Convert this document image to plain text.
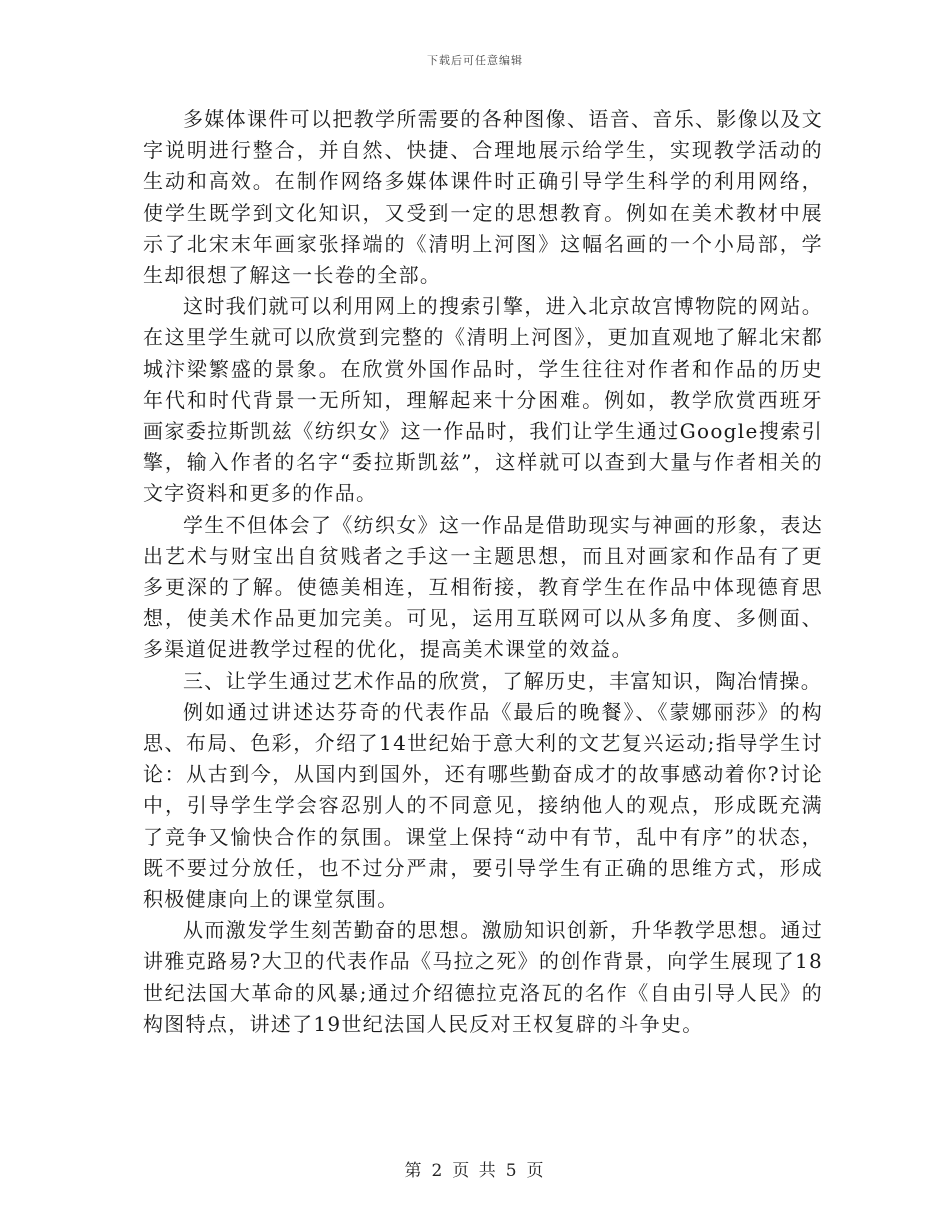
下载后可任意编辑

多媒体课件可以把教学所需要的各种图像、语音、音乐、影像以及文字说明进行整合，并自然、快捷、合理地展示给学生，实现教学活动的生动和高效。在制作网络多媒体课件时正确引导学生科学的利用网络，使学生既学到文化知识，又受到一定的思想教育。例如在美术教材中展示了北宋末年画家张择端的《清明上河图》这幅名画的一个小局部，学生却很想了解这一长卷的全部。

这时我们就可以利用网上的搜索引擎，进入北京故宫博物院的网站。在这里学生就可以欣赏到完整的《清明上河图》，更加直观地了解北宋都城汴梁繁盛的景象。在欣赏外国作品时，学生往往对作者和作品的历史年代和时代背景一无所知，理解起来十分困难。例如，教学欣赏西班牙画家委拉斯凯兹《纺织女》这一作品时，我们让学生通过Google搜索引擎，输入作者的名字“委拉斯凯兹”，这样就可以查到大量与作者相关的文字资料和更多的作品。

学生不但体会了《纺织女》这一作品是借助现实与神画的形象，表达出艺术与财宝出自贫贱者之手这一主题思想，而且对画家和作品有了更多更深的了解。使德美相连，互相衔接，教育学生在作品中体现德育思想，使美术作品更加完美。可见，运用互联网可以从多角度、多侧面、多渠道促进教学过程的优化，提高美术课堂的效益。

三、让学生通过艺术作品的欣赏，了解历史，丰富知识，陶冶情操。

例如通过讲述达芬奇的代表作品《最后的晚餐》、《蒙娜丽莎》的构思、布局、色彩，介绍了14世纪始于意大利的文艺复兴运动;指导学生讨论：从古到今，从国内到国外，还有哪些勤奋成才的故事感动着你?讨论中，引导学生学会容忍别人的不同意见，接纳他人的观点，形成既充满了竞争又愉快合作的氛围。课堂上保持“动中有节，乱中有序”的状态，既不要过分放任，也不过分严肃，要引导学生有正确的思维方式，形成积极健康向上的课堂氛围。

从而激发学生刻苦勤奋的思想。激励知识创新，升华教学思想。通过讲雅克路易?大卫的代表作品《马拉之死》的创作背景，向学生展现了18世纪法国大革命的风暴;通过介绍德拉克洛瓦的名作《自由引导人民》的构图特点，讲述了19世纪法国人民反对王权复辟的斗争史。

第 2 页 共 5 页
